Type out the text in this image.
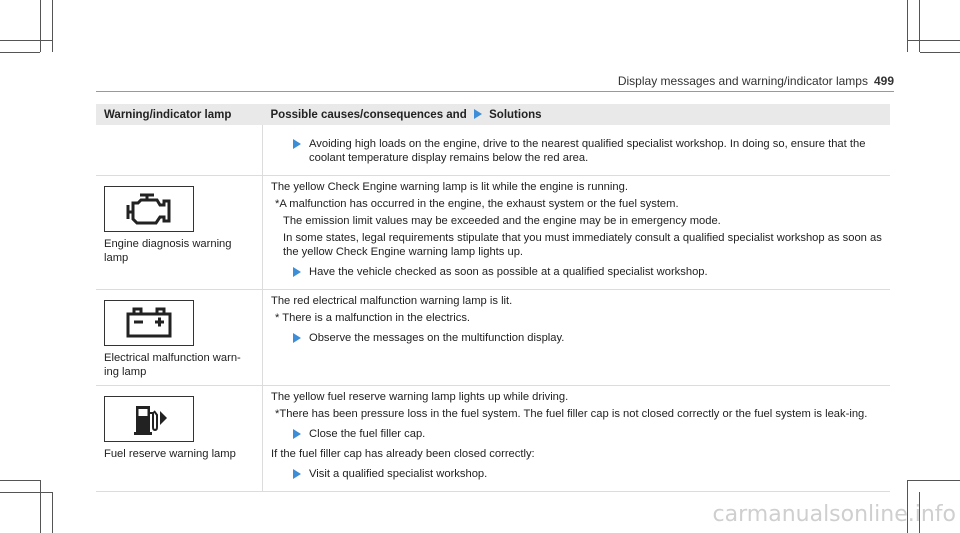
Display messages and warning/indicator lamps 499
Warning/indicator lamp	Possible causes/consequences and Solutions

	Avoiding high loads on the engine, drive to the nearest qualified specialist workshop. In doing so, ensure that the coolant temperature display remains below the red area.

Engine diagnosis warning lamp	The yellow Check Engine warning lamp is lit while the engine is running.

*A malfunction has occurred in the engine, the exhaust system or the fuel system.

The emission limit values may be exceeded and the engine may be in emergency mode.

In some states, legal requirements stipulate that you must immediately consult a qualified specialist workshop as soon as the yellow Check Engine warning lamp lights up.

Have the vehicle checked as soon as possible at a qualified specialist workshop.

Electrical malfunction warn-ing lamp	The red electrical malfunction warning lamp is lit.

* There is a malfunction in the electrics.

Observe the messages on the multifunction display.

Fuel reserve warning lamp	The yellow fuel reserve warning lamp lights up while driving.

*There has been pressure loss in the fuel system. The fuel filler cap is not closed correctly or the fuel system is leak-ing.

Close the fuel filler cap.

If the fuel filler cap has already been closed correctly:

Visit a qualified specialist workshop.
carmanualsonline.info
